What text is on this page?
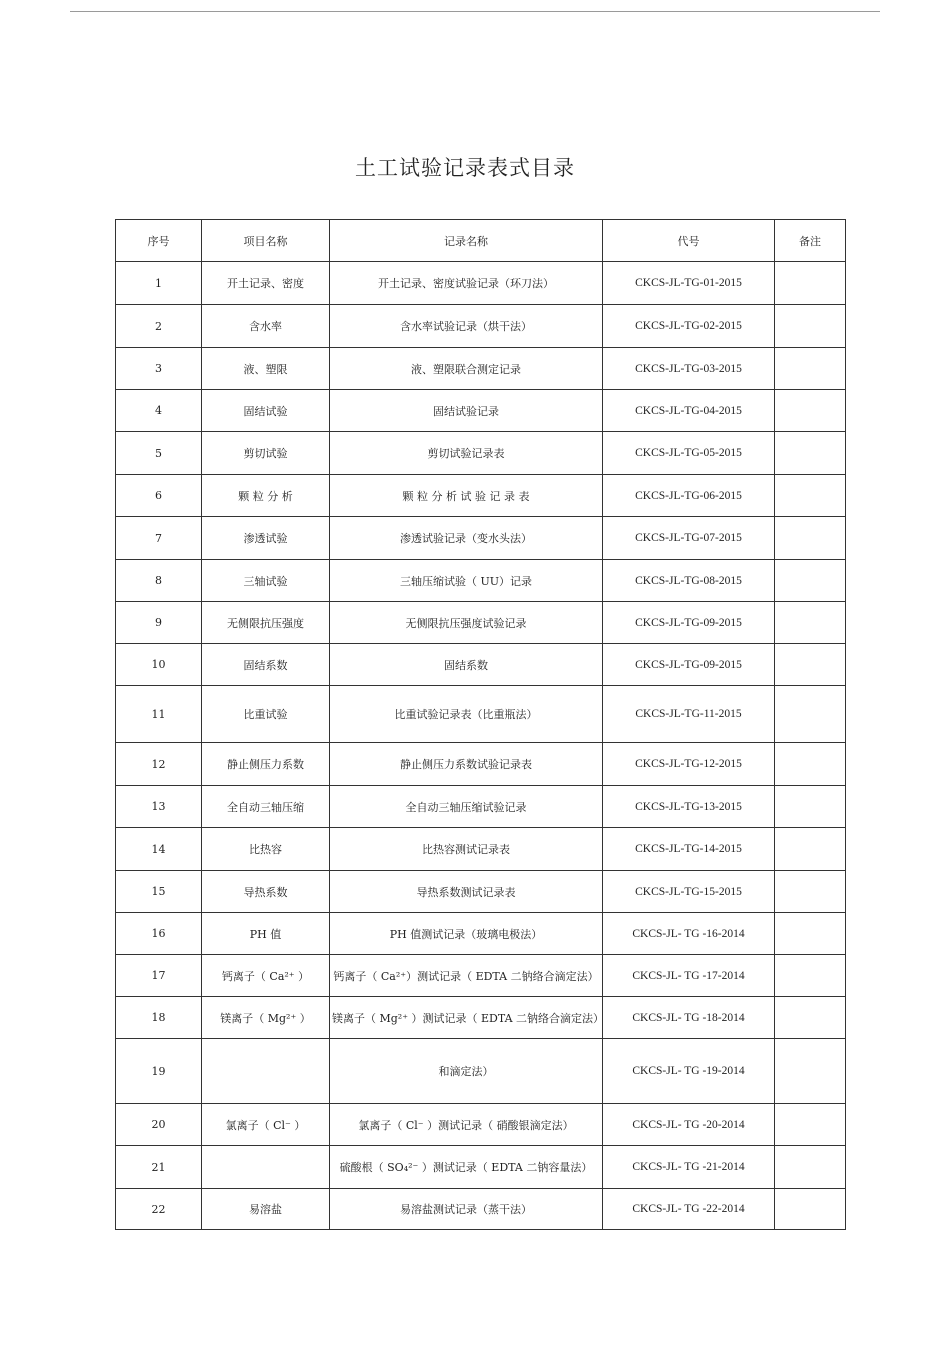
土工试验记录表式目录
序号	项目名称	记录名称	代号	备注
1	开土记录、密度	开土记录、密度试验记录（环刀法）	CKCS-JL-TG-01-2015	
2	含水率	含水率试验记录（烘干法）	CKCS-JL-TG-02-2015	
3	液、塑限	液、塑限联合测定记录	CKCS-JL-TG-03-2015	
4	固结试验	固结试验记录	CKCS-JL-TG-04-2015	
5	剪切试验	剪切试验记录表	CKCS-JL-TG-05-2015	
6	颗 粒 分 析	颗 粒 分 析 试 验 记 录 表	CKCS-JL-TG-06-2015	
7	渗透试验	渗透试验记录（变水头法）	CKCS-JL-TG-07-2015	
8	三轴试验	三轴压缩试验（ UU）记录	CKCS-JL-TG-08-2015	
9	无侧限抗压强度	无侧限抗压强度试验记录	CKCS-JL-TG-09-2015	
10	固结系数	固结系数	CKCS-JL-TG-09-2015	
11	比重试验	比重试验记录表（比重瓶法）	CKCS-JL-TG-11-2015	
12	静止侧压力系数	静止侧压力系数试验记录表	CKCS-JL-TG-12-2015	
13	全自动三轴压缩	全自动三轴压缩试验记录	CKCS-JL-TG-13-2015	
14	比热容	比热容测试记录表	CKCS-JL-TG-14-2015	
15	导热系数	导热系数测试记录表	CKCS-JL-TG-15-2015	
16	PH 值	PH 值测试记录（玻璃电极法）	CKCS-JL- TG -16-2014	
17	钙离子（ Ca²⁺ ）	钙离子（ Ca²⁺）测试记录（ EDTA 二钠络合滴定法）	CKCS-JL- TG -17-2014	
18	镁离子（ Mg²⁺ ）	镁离子（ Mg²⁺ ）测试记录（ EDTA 二钠络合滴定法）	CKCS-JL- TG -18-2014	
19		和滴定法）	CKCS-JL- TG -19-2014	
20	氯离子（ Cl⁻ ）	氯离子（ Cl⁻ ）测试记录（ 硝酸银滴定法）	CKCS-JL- TG -20-2014	
21		硫酸根（ SO₄²⁻ ）测试记录（ EDTA 二钠容量法）	CKCS-JL- TG -21-2014	
22	易溶盐	易溶盐测试记录（蒸干法）	CKCS-JL- TG -22-2014	
